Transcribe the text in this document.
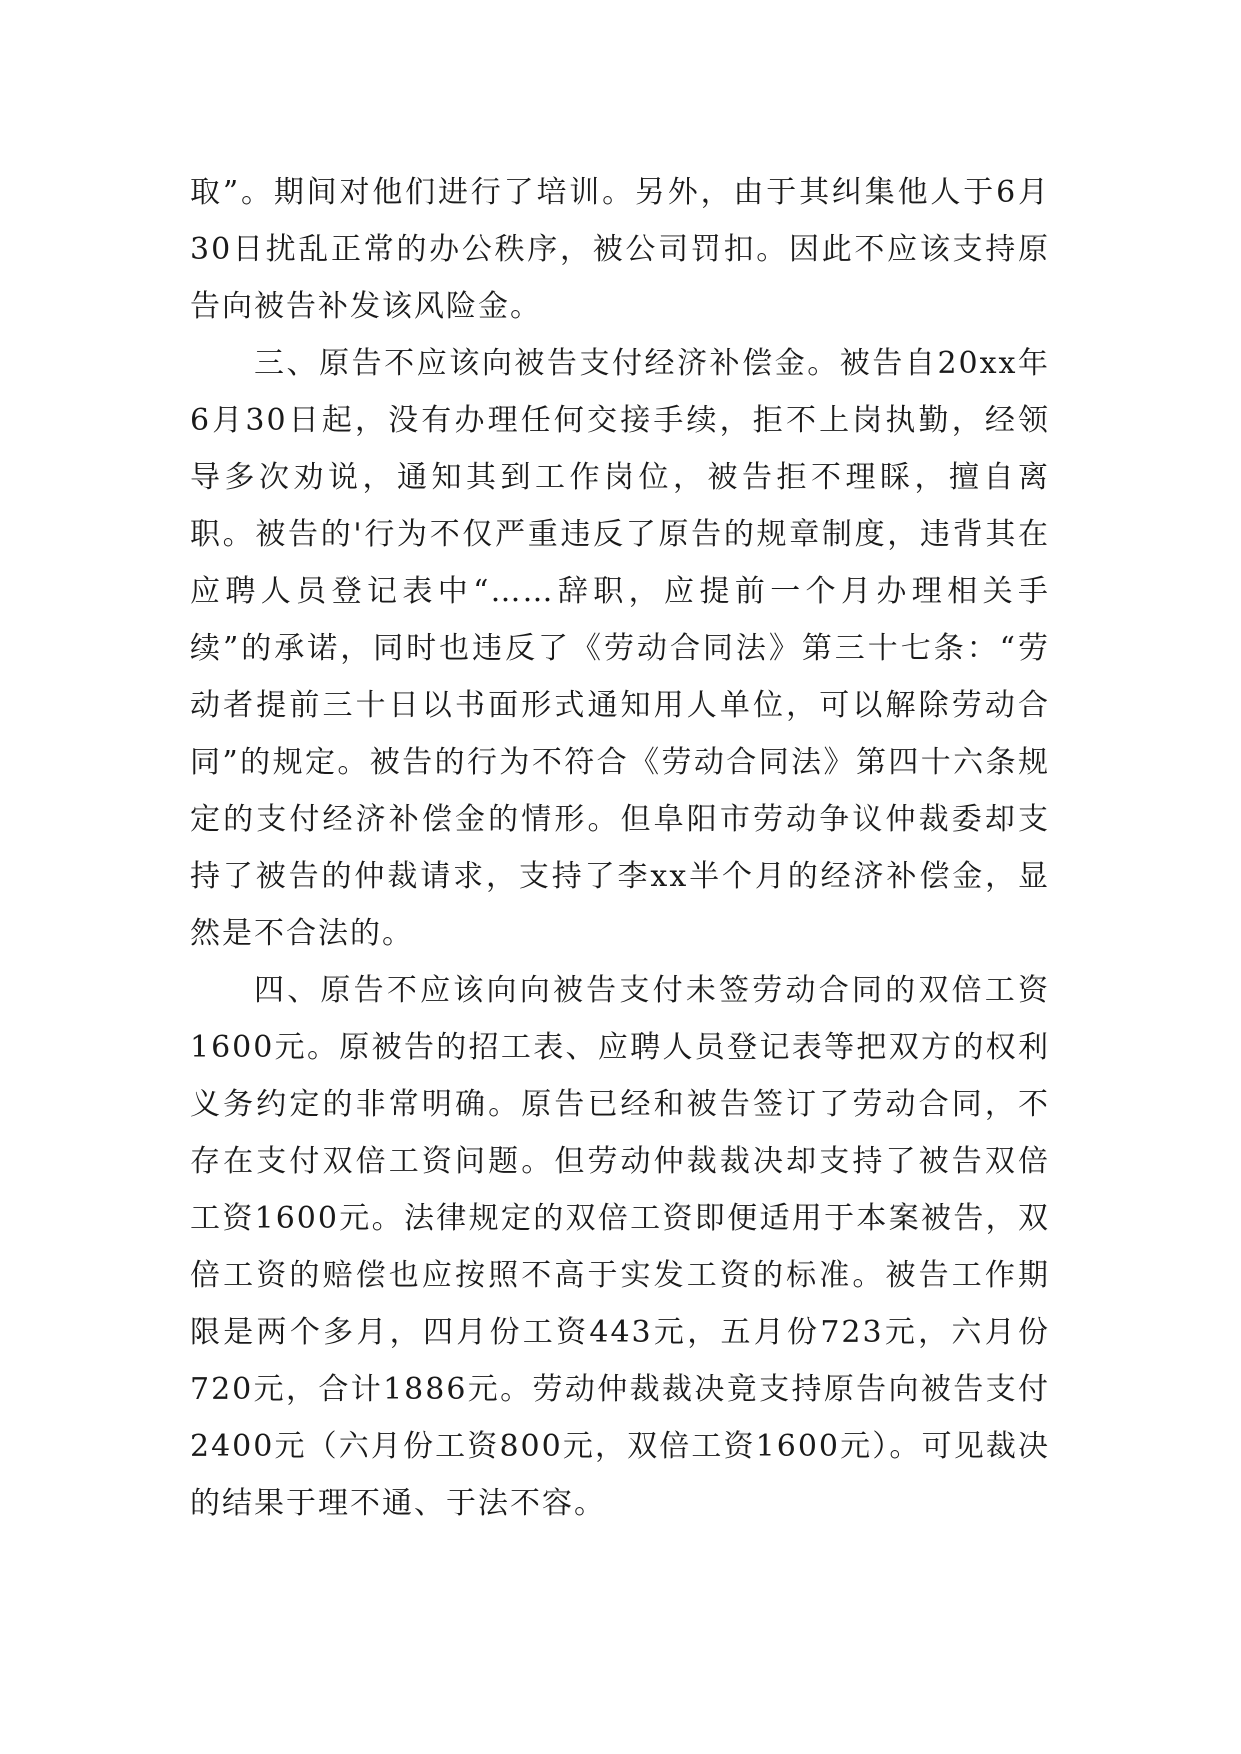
取”。期间对他们进行了培训。另外，由于其纠集他人于6月30日扰乱正常的办公秩序，被公司罚扣。因此不应该支持原告向被告补发该风险金。

三、原告不应该向被告支付经济补偿金。被告自20xx年6月30日起，没有办理任何交接手续，拒不上岗执勤，经领导多次劝说，通知其到工作岗位，被告拒不理睬，擅自离职。被告的'行为不仅严重违反了原告的规章制度，违背其在应聘人员登记表中“……辞职，应提前一个月办理相关手续”的承诺，同时也违反了《劳动合同法》第三十七条：“劳动者提前三十日以书面形式通知用人单位，可以解除劳动合同”的规定。被告的行为不符合《劳动合同法》第四十六条规定的支付经济补偿金的情形。但阜阳市劳动争议仲裁委却支持了被告的仲裁请求，支持了李xx半个月的经济补偿金，显然是不合法的。

四、原告不应该向向被告支付未签劳动合同的双倍工资1600元。原被告的招工表、应聘人员登记表等把双方的权利义务约定的非常明确。原告已经和被告签订了劳动合同，不存在支付双倍工资问题。但劳动仲裁裁决却支持了被告双倍工资1600元。法律规定的双倍工资即便适用于本案被告，双倍工资的赔偿也应按照不高于实发工资的标准。被告工作期限是两个多月，四月份工资443元，五月份723元，六月份720元，合计1886元。劳动仲裁裁决竟支持原告向被告支付2400元（六月份工资800元，双倍工资1600元）。可见裁决的结果于理不通、于法不容。
